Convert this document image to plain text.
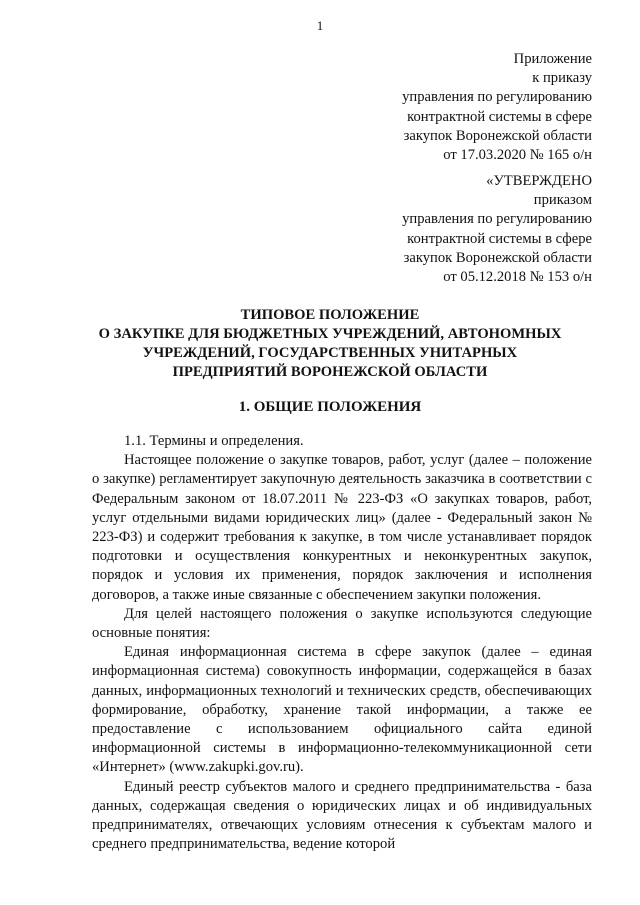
1
Приложение
к приказу
управления по регулированию
контрактной системы в сфере
закупок Воронежской области
от 17.03.2020 № 165 о/н
«УТВЕРЖДЕНО
приказом
управления по регулированию
контрактной системы в сфере
закупок Воронежской области
от 05.12.2018 № 153 о/н
ТИПОВОЕ ПОЛОЖЕНИЕ
О ЗАКУПКЕ ДЛЯ БЮДЖЕТНЫХ УЧРЕЖДЕНИЙ, АВТОНОМНЫХ
УЧРЕЖДЕНИЙ, ГОСУДАРСТВЕННЫХ УНИТАРНЫХ
ПРЕДПРИЯТИЙ ВОРОНЕЖСКОЙ ОБЛАСТИ
1. ОБЩИЕ ПОЛОЖЕНИЯ

1.1. Термины и определения.

Настоящее положение о закупке товаров, работ, услуг (далее – положение о закупке) регламентирует закупочную деятельность заказчика в соответствии с Федеральным законом от 18.07.2011 № 223-ФЗ «О закупках товаров, работ, услуг отдельными видами юридических лиц» (далее - Федеральный закон № 223-ФЗ) и содержит требования к закупке, в том числе устанавливает порядок подготовки и осуществления конкурентных и неконкурентных закупок, порядок и условия их применения, порядок заключения и исполнения договоров, а также иные связанные с обеспечением закупки положения.

Для целей настоящего положения о закупке используются следующие основные понятия:

Единая информационная система в сфере закупок (далее – единая информационная система) совокупность информации, содержащейся в базах данных, информационных технологий и технических средств, обеспечивающих формирование, обработку, хранение такой информации, а также ее предоставление с использованием официального сайта единой информационной системы в информационно-телекоммуникационной сети «Интернет» (www.zakupki.gov.ru).

Единый реестр субъектов малого и среднего предпринимательства - база данных, содержащая сведения о юридических лицах и об индивидуальных предпринимателях, отвечающих условиям отнесения к субъектам малого и среднего предпринимательства, ведение которой
